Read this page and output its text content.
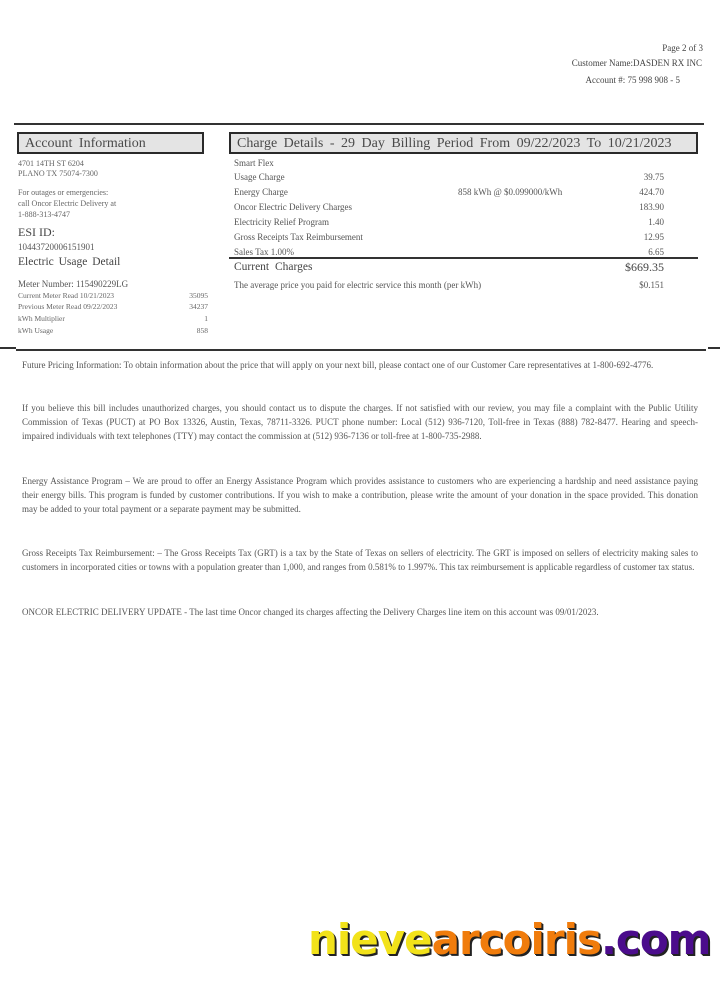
Page 2 of 3
Customer Name:DASDEN RX INC
Account #: 75 998 908 - 5
Account Information
4701 14TH ST 6204
PLANO TX 75074-7300
For outages or emergencies:
call Oncor Electric Delivery at
1-888-313-4747
ESI ID:
10443720006151901
Electric Usage Detail
Meter Number: 115490229LG
Current Meter Read 10/21/2023	35095
Previous Meter Read 09/22/2023	34237
kWh Multiplier	1
kWh Usage	858
Charge Details - 29 Day Billing Period From 09/22/2023 To 10/21/2023
Smart Flex
Usage Charge	39.75
Energy Charge	858 kWh @ $0.099000/kWh	424.70
Oncor Electric Delivery Charges	183.90
Electricity Relief Program	1.40
Gross Receipts Tax Reimbursement	12.95
Sales Tax 1.00%	6.65
Current Charges	$669.35
The average price you paid for electric service this month (per kWh)	$0.151

Future Pricing Information: To obtain information about the price that will apply on your next bill, please contact one of our Customer Care representatives at 1-800-692-4776.

If you believe this bill includes unauthorized charges, you should contact us to dispute the charges. If not satisfied with our review, you may file a complaint with the Public Utility Commission of Texas (PUCT) at PO Box 13326, Austin, Texas, 78711-3326. PUCT phone number: Local (512) 936-7120, Toll-free in Texas (888) 782-8477. Hearing and speech-impaired individuals with text telephones (TTY) may contact the commission at (512) 936-7136 or toll-free at 1-800-735-2988.

Energy Assistance Program – We are proud to offer an Energy Assistance Program which provides assistance to customers who are experiencing a hardship and need assistance paying their energy bills. This program is funded by customer contributions. If you wish to make a contribution, please write the amount of your donation in the space provided. This donation may be added to your total payment or a separate payment may be submitted.

Gross Receipts Tax Reimbursement: – The Gross Receipts Tax (GRT) is a tax by the State of Texas on sellers of electricity. The GRT is imposed on sellers of electricity making sales to customers in incorporated cities or towns with a population greater than 1,000, and ranges from 0.581% to 1.997%. This tax reimbursement is applicable regardless of customer tax status.

ONCOR ELECTRIC DELIVERY UPDATE - The last time Oncor changed its charges affecting the Delivery Charges line item on this account was 09/01/2023.

nievearcoiris.com
